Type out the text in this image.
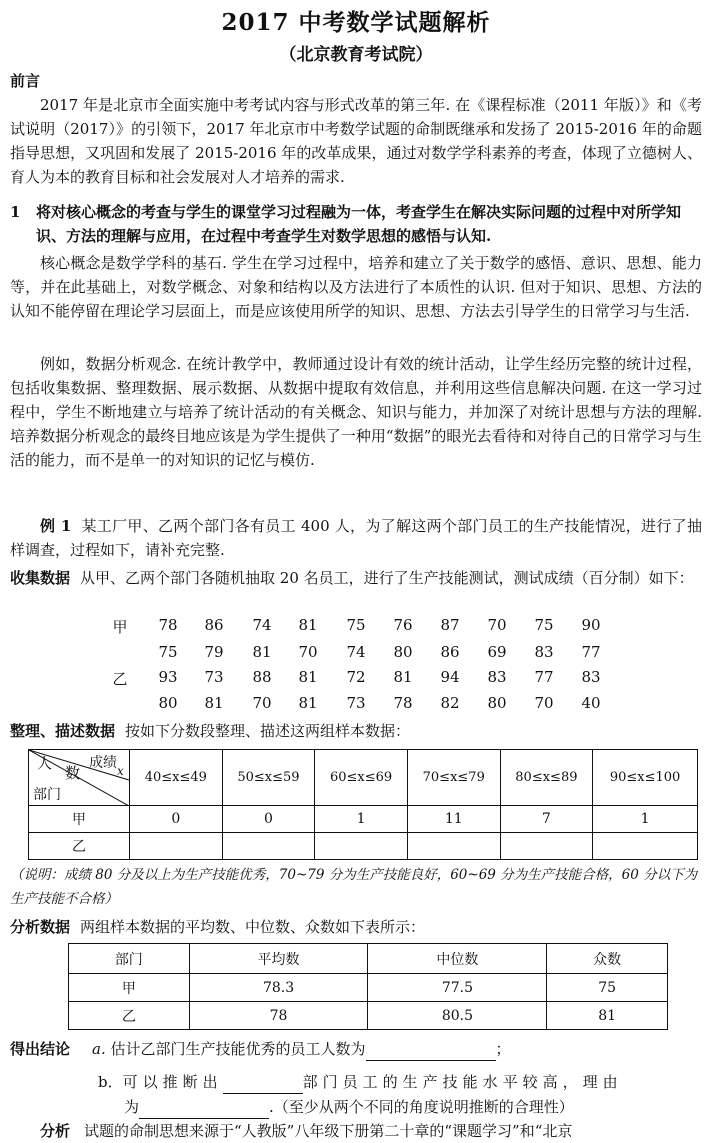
2017 中考数学试题解析
（北京教育考试院）
前言
2017 年是北京市全面实施中考考试内容与形式改革的第三年. 在《课程标准（2011 年版）》和《考试说明（2017）》的引领下，2017 年北京市中考数学试题的命制既继承和发扬了 2015-2016 年的命题指导思想，又巩固和发展了 2015-2016 年的改革成果，通过对数学学科素养的考查，体现了立德树人、育人为本的教育目标和社会发展对人才培养的需求.
1	将对核心概念的考查与学生的课堂学习过程融为一体，考查学生在解决实际问题的过程中对所学知识、方法的理解与应用，在过程中考查学生对数学思想的感悟与认知.
核心概念是数学学科的基石. 学生在学习过程中，培养和建立了关于数学的感悟、意识、思想、能力等，并在此基础上，对数学概念、对象和结构以及方法进行了本质性的认识. 但对于知识、思想、方法的认知不能停留在理论学习层面上，而是应该使用所学的知识、思想、方法去引导学生的日常学习与生活.
例如，数据分析观念. 在统计教学中，教师通过设计有效的统计活动，让学生经历完整的统计过程，包括收集数据、整理数据、展示数据、从数据中提取有效信息，并利用这些信息解决问题. 在这一学习过程中，学生不断地建立与培养了统计活动的有关概念、知识与能力，并加深了对统计思想与方法的理解. 培养数据分析观念的最终目地应该是为学生提供了一种用“数据”的眼光去看待和对待自己的日常学习与生活的能力，而不是单一的对知识的记忆与模仿.
例 1 某工厂甲、乙两个部门各有员工 400 人，为了解这两个部门员工的生产技能情况，进行了抽样调查，过程如下，请补充完整.
收集数据 从甲、乙两个部门各随机抽取 20 名员工，进行了生产技能测试，测试成绩（百分制）如下：
甲	78	86	74	81	75	76	87	70	75	90
75	79	81	70	74	80	86	69	83	77
乙	93	73	88	81	72	81	94	83	77	83
80	81	70	81	73	78	82	80	70	40
整理、描述数据 按如下分数段整理、描述这两组样本数据：
人
数
成绩 x
部门	40≤x≤49	50≤x≤59	60≤x≤69	70≤x≤79	80≤x≤89	90≤x≤100
甲	0	0	1	11	7	1
乙						
（说明：成绩 80 分及以上为生产技能优秀，70~79 分为生产技能良好，60~69 分为生产技能合格，60 分以下为生产技能不合格）
分析数据 两组样本数据的平均数、中位数、众数如下表所示：
部门	平均数	中位数	众数
甲	78.3	77.5	75
乙	78	80.5	81
得出结论 a. 估计乙部门生产技能优秀的员工人数为	；
b．可以推断出	部门员工的生产技能水平较高，理由
为	.（至少从两个不同的角度说明推断的合理性）
分析 试题的命制思想来源于“人教版”八年级下册第二十章的“课题学习”和“北京
